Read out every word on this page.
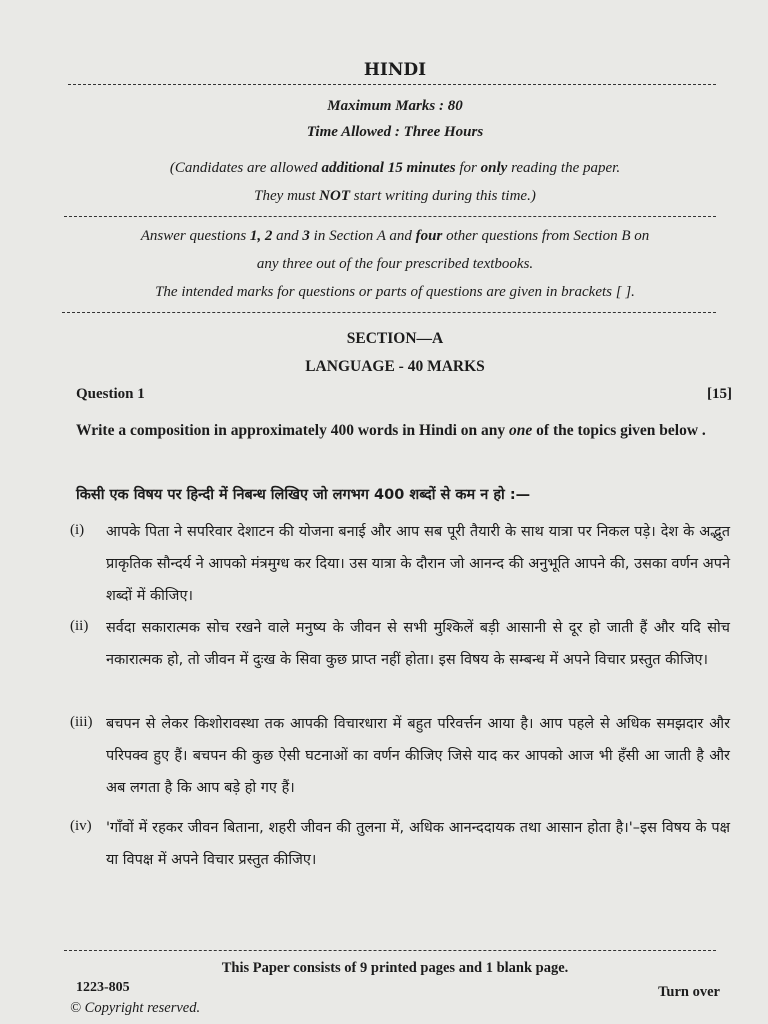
HINDI
Maximum Marks : 80
Time Allowed : Three Hours
(Candidates are allowed additional 15 minutes for only reading the paper.
They must NOT start writing during this time.)
Answer questions 1, 2 and 3 in Section A and four other questions from Section B on
any three out of the four prescribed textbooks.
The intended marks for questions or parts of questions are given in brackets [ ].
SECTION—A
LANGUAGE - 40 MARKS
Question 1	[15]
Write a composition in approximately 400 words in Hindi on any one of the topics given below .
किसी एक विषय पर हिन्दी में निबन्ध लिखिए जो लगभग 400 शब्दों से कम न हो :—
(i) आपके पिता ने सपरिवार देशाटन की योजना बनाई और आप सब पूरी तैयारी के साथ यात्रा पर निकल पड़े। देश के अद्भुत प्राकृतिक सौन्दर्य ने आपको मंत्रमुग्ध कर दिया। उस यात्रा के दौरान जो आनन्द की अनुभूति आपने की, उसका वर्णन अपने शब्दों में कीजिए।
(ii) सर्वदा सकारात्मक सोच रखने वाले मनुष्य के जीवन से सभी मुश्किलें बड़ी आसानी से दूर हो जाती हैं और यदि सोच नकारात्मक हो, तो जीवन में दुःख के सिवा कुछ प्राप्त नहीं होता। इस विषय के सम्बन्ध में अपने विचार प्रस्तुत कीजिए।
(iii) बचपन से लेकर किशोरावस्था तक आपकी विचारधारा में बहुत परिवर्त्तन आया है। आप पहले से अधिक समझदार और परिपक्व हुए हैं। बचपन की कुछ ऐसी घटनाओं का वर्णन कीजिए जिसे याद कर आपको आज भी हँसी आ जाती है और अब लगता है कि आप बड़े हो गए हैं।
(iv) 'गाँवों में रहकर जीवन बिताना, शहरी जीवन की तुलना में, अधिक आनन्ददायक तथा आसान होता है।'–इस विषय के पक्ष या विपक्ष में अपने विचार प्रस्तुत कीजिए।
This Paper consists of 9 printed pages and 1 blank page.
1223-805
© Copyright reserved.
Turn over
